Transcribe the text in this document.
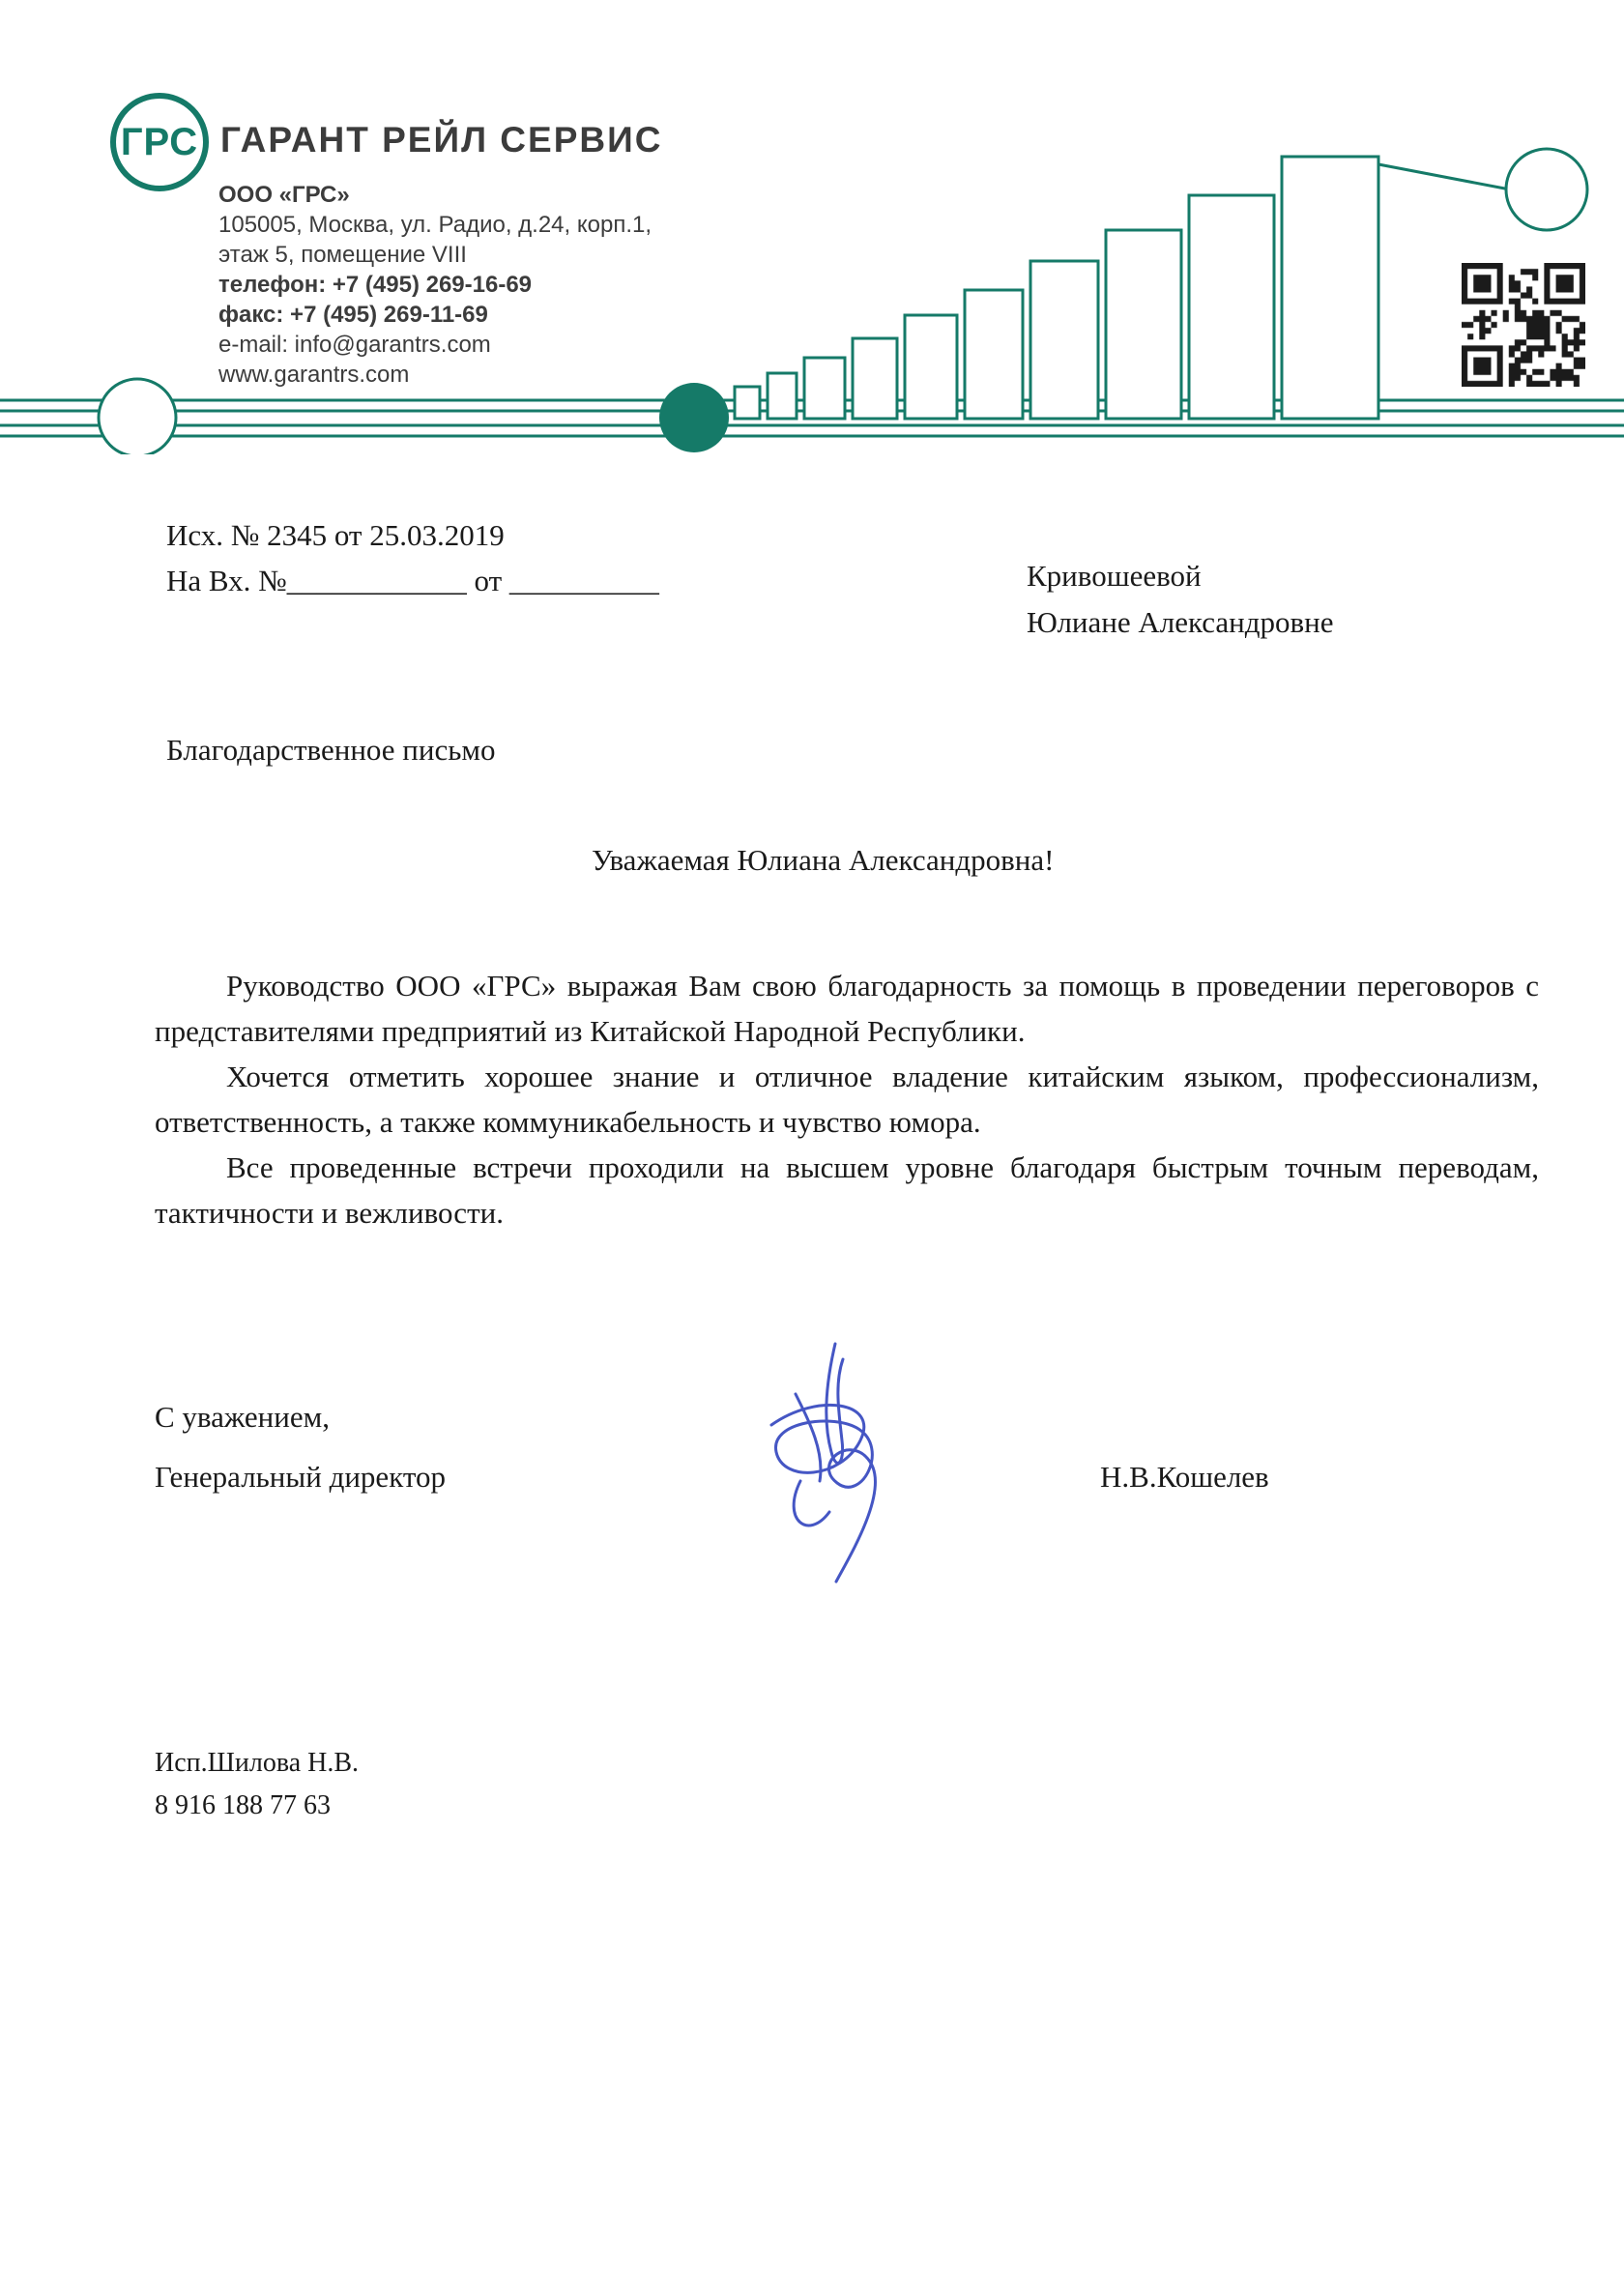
ГРС ГАРАНТ РЕЙЛ СЕРВИС
ООО «ГРС»
105005, Москва, ул. Радио, д.24, корп.1,
этаж 5, помещение VIII
телефон: +7 (495) 269-16-69
факс: +7 (495) 269-11-69
e-mail: info@garantrs.com
www.garantrs.com
Исх. № 2345 от 25.03.2019
На Вх. №____________ от __________	Кривошеевой
Юлиане Александровне
Благодарственное письмо
Уважаемая Юлиана Александровна!

Руководство ООО «ГРС» выражая Вам свою благодарность за помощь в проведении переговоров с представителями предприятий из Китайской Народной Республики.

Хочется отметить хорошее знание и отличное владение китайским языком, профессионализм, ответственность, а также коммуникабельность и чувство юмора.

Все проведенные встречи проходили на высшем уровне благодаря быстрым точным переводам, тактичности и вежливости.

С уважением,
Генеральный директор	Н.В.Кошелев
Исп.Шилова Н.В.
8 916 188 77 63
